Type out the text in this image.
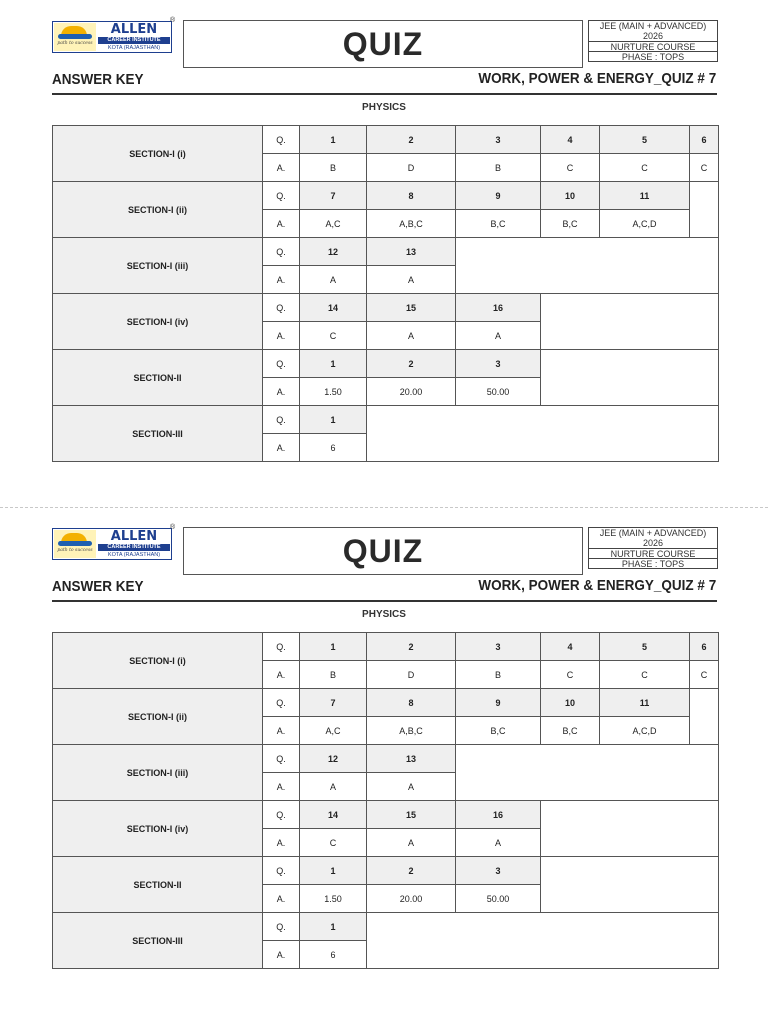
path to success
ALLEN
CAREER INSTITUTE
KOTA (RAJASTHAN)
®
QUIZ	JEE (MAIN + ADVANCED)
2026
NURTURE COURSE
PHASE : TOPS
ANSWER KEY	WORK, POWER & ENERGY_QUIZ # 7
PHYSICS
SECTION-I (i)	Q.	1	2	3	4	5	6
	A.	B	D	B	C	C	C
SECTION-I (ii)	Q.	7	8	9	10	11	
	A.	A,C	A,B,C	B,C	B,C	A,C,D	
SECTION-I (iii)	Q.	12	13				
	A.	A	A				
SECTION-I (iv)	Q.	14	15	16			
	A.	C	A	A			
SECTION-II	Q.	1	2	3			
	A.	1.50	20.00	50.00			
SECTION-III	Q.	1					
	A.	6					
path to success
ALLEN
CAREER INSTITUTE
KOTA (RAJASTHAN)
®
QUIZ	JEE (MAIN + ADVANCED)
2026
NURTURE COURSE
PHASE : TOPS
ANSWER KEY	WORK, POWER & ENERGY_QUIZ # 7
PHYSICS
SECTION-I (i)	Q.	1	2	3	4	5	6
	A.	B	D	B	C	C	C
SECTION-I (ii)	Q.	7	8	9	10	11	
	A.	A,C	A,B,C	B,C	B,C	A,C,D	
SECTION-I (iii)	Q.	12	13				
	A.	A	A				
SECTION-I (iv)	Q.	14	15	16			
	A.	C	A	A			
SECTION-II	Q.	1	2	3			
	A.	1.50	20.00	50.00			
SECTION-III	Q.	1					
	A.	6					
